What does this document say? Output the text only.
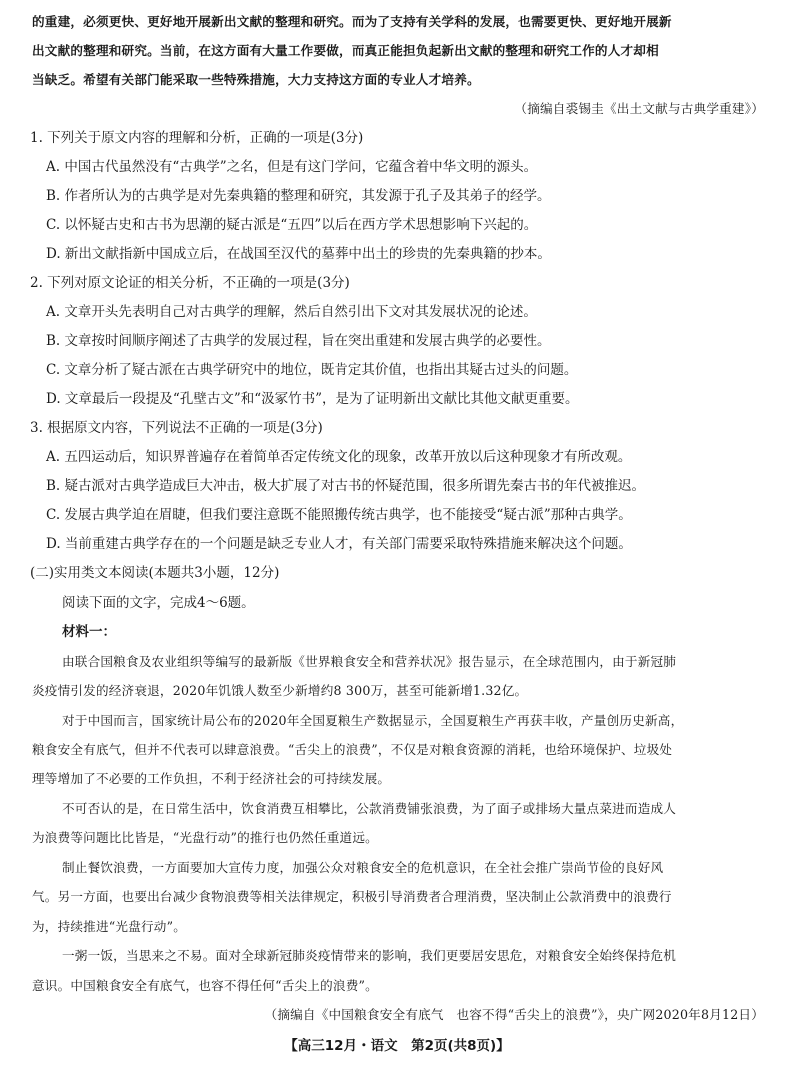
的重建，必须更快、更好地开展新出文献的整理和研究。而为了支持有关学科的发展，也需要更快、更好地开展新
出文献的整理和研究。当前，在这方面有大量工作要做，而真正能担负起新出文献的整理和研究工作的人才却相
当缺乏。希望有关部门能采取一些特殊措施，大力支持这方面的专业人才培养。
（摘编自裘锡圭《出土文献与古典学重建》）
1. 下列关于原文内容的理解和分析，正确的一项是(3分)
A. 中国古代虽然没有“古典学”之名，但是有这门学问，它蕴含着中华文明的源头。
B. 作者所认为的古典学是对先秦典籍的整理和研究，其发源于孔子及其弟子的经学。
C. 以怀疑古史和古书为思潮的疑古派是“五四”以后在西方学术思想影响下兴起的。
D. 新出文献指新中国成立后，在战国至汉代的墓葬中出土的珍贵的先秦典籍的抄本。
2. 下列对原文论证的相关分析，不正确的一项是(3分)
A. 文章开头先表明自己对古典学的理解，然后自然引出下文对其发展状况的论述。
B. 文章按时间顺序阐述了古典学的发展过程，旨在突出重建和发展古典学的必要性。
C. 文章分析了疑古派在古典学研究中的地位，既肯定其价值，也指出其疑古过头的问题。
D. 文章最后一段提及“孔壁古文”和“汲冢竹书”，是为了证明新出文献比其他文献更重要。
3. 根据原文内容，下列说法不正确的一项是(3分)
A. 五四运动后，知识界普遍存在着简单否定传统文化的现象，改革开放以后这种现象才有所改观。
B. 疑古派对古典学造成巨大冲击，极大扩展了对古书的怀疑范围，很多所谓先秦古书的年代被推迟。
C. 发展古典学迫在眉睫，但我们要注意既不能照搬传统古典学，也不能接受“疑古派”那种古典学。
D. 当前重建古典学存在的一个问题是缺乏专业人才，有关部门需要采取特殊措施来解决这个问题。
(二)实用类文本阅读(本题共3小题，12分)
阅读下面的文字，完成4～6题。
材料一：
由联合国粮食及农业组织等编写的最新版《世界粮食安全和营养状况》报告显示，在全球范围内，由于新冠肺
炎疫情引发的经济衰退，2020年饥饿人数至少新增约8 300万，甚至可能新增1.32亿。
对于中国而言，国家统计局公布的2020年全国夏粮生产数据显示，全国夏粮生产再获丰收，产量创历史新高，
粮食安全有底气，但并不代表可以肆意浪费。“舌尖上的浪费”，不仅是对粮食资源的消耗，也给环境保护、垃圾处
理等增加了不必要的工作负担，不利于经济社会的可持续发展。
不可否认的是，在日常生活中，饮食消费互相攀比，公款消费铺张浪费，为了面子或排场大量点菜进而造成人
为浪费等问题比比皆是，“光盘行动”的推行也仍然任重道远。
制止餐饮浪费，一方面要加大宣传力度，加强公众对粮食安全的危机意识，在全社会推广崇尚节俭的良好风
气。另一方面，也要出台减少食物浪费等相关法律规定，积极引导消费者合理消费，坚决制止公款消费中的浪费行
为，持续推进“光盘行动”。
一粥一饭，当思来之不易。面对全球新冠肺炎疫情带来的影响，我们更要居安思危，对粮食安全始终保持危机
意识。中国粮食安全有底气，也容不得任何“舌尖上的浪费”。
（摘编自《中国粮食安全有底气　也容不得“舌尖上的浪费”》，央广网2020年8月12日）
【高三12月・语文　第2页(共8页)】
